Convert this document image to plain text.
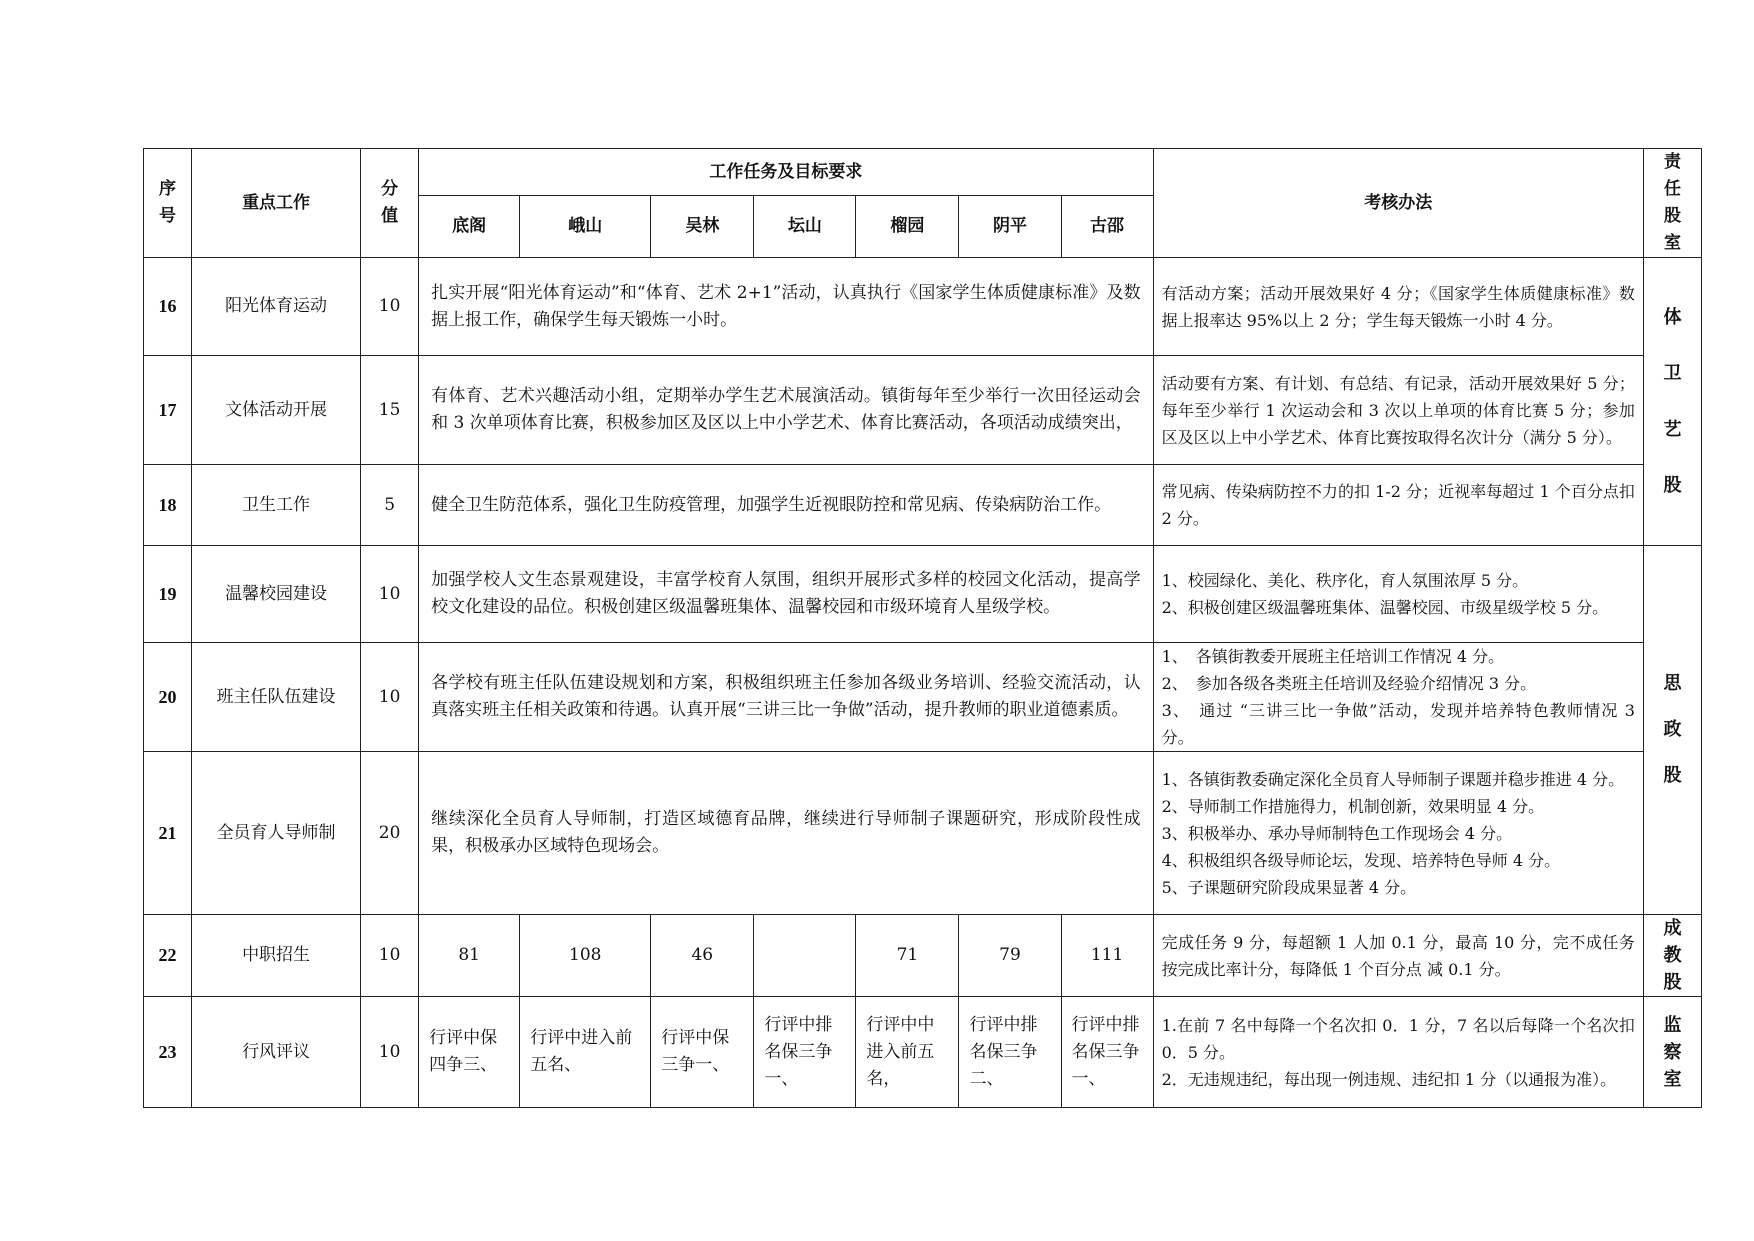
序号	重点工作	分值	工作任务及目标要求							考核办法	责任股室
			底阁	峨山	吴林	坛山	榴园	阴平	古邵		
16	阳光体育运动	10	扎实开展“阳光体育运动”和“体育、艺术 2+1”活动，认真执行《国家学生体质健康标准》及数据上报工作，确保学生每天锻炼一小时。							有活动方案；活动开展效果好 4 分；《国家学生体质健康标准》数据上报率达 95%以上 2 分；学生每天锻炼一小时 4 分。	体卫艺股
17	文体活动开展	15	有体育、艺术兴趣活动小组，定期举办学生艺术展演活动。镇街每年至少举行一次田径运动会和 3 次单项体育比赛，积极参加区及区以上中小学艺术、体育比赛活动，各项活动成绩突出，							活动要有方案、有计划、有总结、有记录，活动开展效果好 5 分；每年至少举行 1 次运动会和 3 次以上单项的体育比赛 5 分；参加区及区以上中小学艺术、体育比赛按取得名次计分（满分 5 分）。	
18	卫生工作	5	健全卫生防范体系，强化卫生防疫管理，加强学生近视眼防控和常见病、传染病防治工作。							常见病、传染病防控不力的扣 1-2 分；近视率每超过 1 个百分点扣 2 分。	
19	温馨校园建设	10	加强学校人文生态景观建设，丰富学校育人氛围，组织开展形式多样的校园文化活动，提高学校文化建设的品位。积极创建区级温馨班集体、温馨校园和市级环境育人星级学校。							1、校园绿化、美化、秩序化，育人氛围浓厚 5 分。
2、积极创建区级温馨班集体、温馨校园、市级星级学校 5 分。	思政股
20	班主任队伍建设	10	各学校有班主任队伍建设规划和方案，积极组织班主任参加各级业务培训、经验交流活动，认真落实班主任相关政策和待遇。认真开展“三讲三比一争做”活动，提升教师的职业道德素质。							1、　各镇街教委开展班主任培训工作情况 4 分。
2、　参加各级各类班主任培训及经验介绍情况 3 分。
3、　通过 “三讲三比一争做”活动，发现并培养特色教师情况 3 分。	

21	全员育人导师制	20	继续深化全员育人导师制，打造区域德育品牌，继续进行导师制子课题研究，形成阶段性成果，积极承办区域特色现场会。							1、各镇街教委确定深化全员育人导师制子课题并稳步推进 4 分。
2、导师制工作措施得力，机制创新，效果明显 4 分。
3、积极举办、承办导师制特色工作现场会 4 分。
4、积极组织各级导师论坛，发现、培养特色导师 4 分。
5、子课题研究阶段成果显著 4 分。	

22	中职招生	10	81	108	46		71	79	111	完成任务 9 分，每超额 1 人加 0.1 分，最高 10 分，完不成任务按完成比率计分，每降低 1 个百分点 减 0.1 分。	成教股
23	行风评议	10	行评中保四争三、	行评中进入前五名、	行评中保三争一、	行评中排名保三争一、	行评中中进入前五名，	行评中排名保三争二、	行评中排名保三争一、	1.在前 7 名中每降一个名次扣 0．1 分，7 名以后每降一个名次扣 0．5 分。
2．无违规违纪，每出现一例违规、违纪扣 1 分（以通报为准）。	监察室
